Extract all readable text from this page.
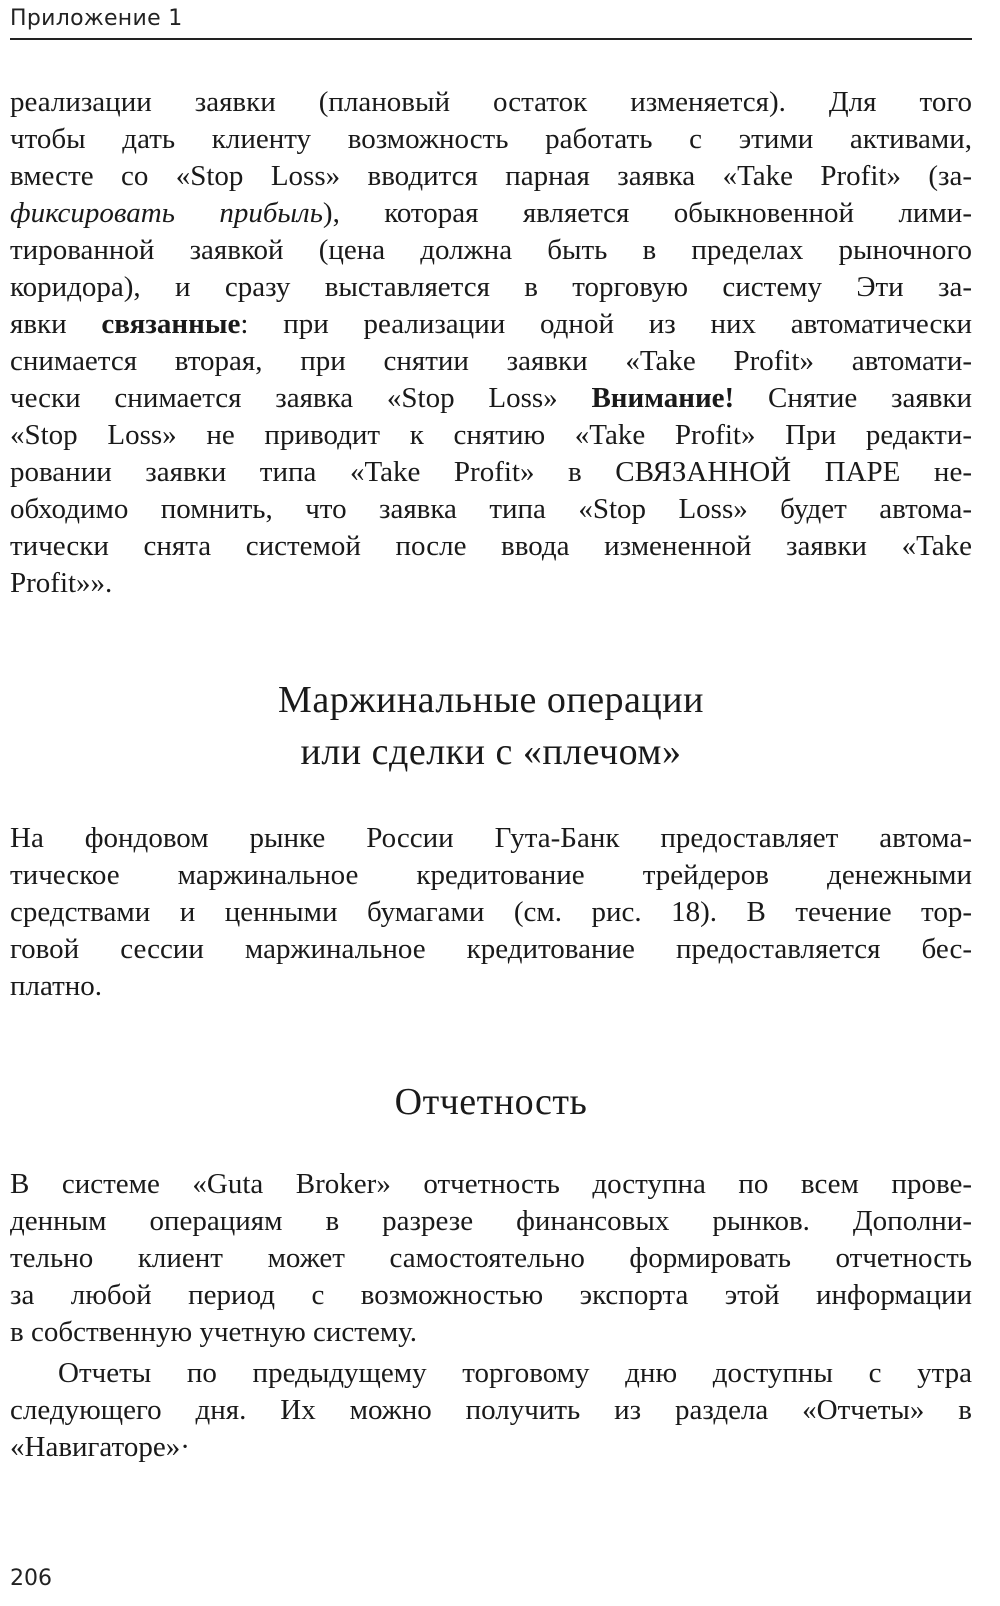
Приложение 1

реализации заявки (плановый остаток изменяется). Для того
чтобы дать клиенту возможность работать с этими активами,
вместе со «Stop Loss» вводится парная заявка «Take Profit» (за-
фиксировать прибыль), которая является обыкновенной лими-
тированной заявкой (цена должна быть в пределах рыночного
коридора), и сразу выставляется в торговую систему Эти за-
явки связанные: при реализации одной из них автоматически
снимается вторая, при снятии заявки «Take Profit» автомати-
чески снимается заявка «Stop Loss» Внимание! Снятие заявки
«Stop Loss» не приводит к снятию «Take Profit» При редакти-
ровании заявки типа «Take Profit» в СВЯЗАННОЙ ПАРЕ не-
обходимо помнить, что заявка типа «Stop Loss» будет автома-
тически снята системой после ввода измененной заявки «Take
Profit»».

Маржинальные операции
или сделки с «плечом»

На фондовом рынке России Гута-Банк предоставляет автома-
тическое маржинальное кредитование трейдеров денежными
средствами и ценными бумагами (см. рис. 18). В течение тор-
говой сессии маржинальное кредитование предоставляется бес-
платно.

Отчетность

В системе «Guta Broker» отчетность доступна по всем прове-
денным операциям в разрезе финансовых рынков. Дополни-
тельно клиент может самостоятельно формировать отчетность
за любой период с возможностью экспорта этой информации
в собственную учетную систему.

Отчеты по предыдущему торговому дню доступны с утра
следующего дня. Их можно получить из раздела «Отчеты» в
«Навигаторе»·

206
